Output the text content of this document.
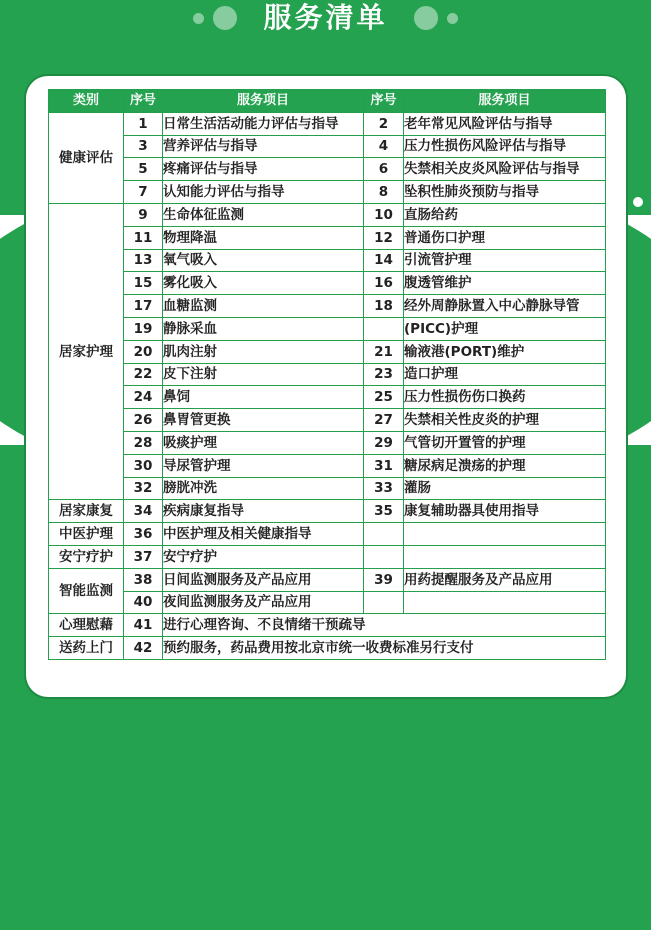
服务清单
类别	序号	服务项目	序号	服务项目
健康评估	1	日常生活活动能力评估与指导	2	老年常见风险评估与指导
	3	营养评估与指导	4	压力性损伤风险评估与指导
	5	疼痛评估与指导	6	失禁相关皮炎风险评估与指导
	7	认知能力评估与指导	8	坠积性肺炎预防与指导
居家护理	9	生命体征监测	10	直肠给药
	11	物理降温	12	普通伤口护理
	13	氧气吸入	14	引流管护理
	15	雾化吸入	16	腹透管维护
	17	血糖监测	18	经外周静脉置入中心静脉导管
	19	静脉采血		(PICC)护理
	20	肌肉注射	21	输液港(PORT)维护
	22	皮下注射	23	造口护理
	24	鼻饲	25	压力性损伤伤口换药
	26	鼻胃管更换	27	失禁相关性皮炎的护理
	28	吸痰护理	29	气管切开置管的护理
	30	导尿管护理	31	糖尿病足溃疡的护理
	32	膀胱冲洗	33	灌肠
居家康复	34	疾病康复指导	35	康复辅助器具使用指导
中医护理	36	中医护理及相关健康指导		
安宁疗护	37	安宁疗护		
智能监测	38	日间监测服务及产品应用	39	用药提醒服务及产品应用
	40	夜间监测服务及产品应用		
心理慰藉	41	进行心理咨询、不良情绪干预疏导		
送药上门	42	预约服务，药品费用按北京市统一收费标准另行支付		
